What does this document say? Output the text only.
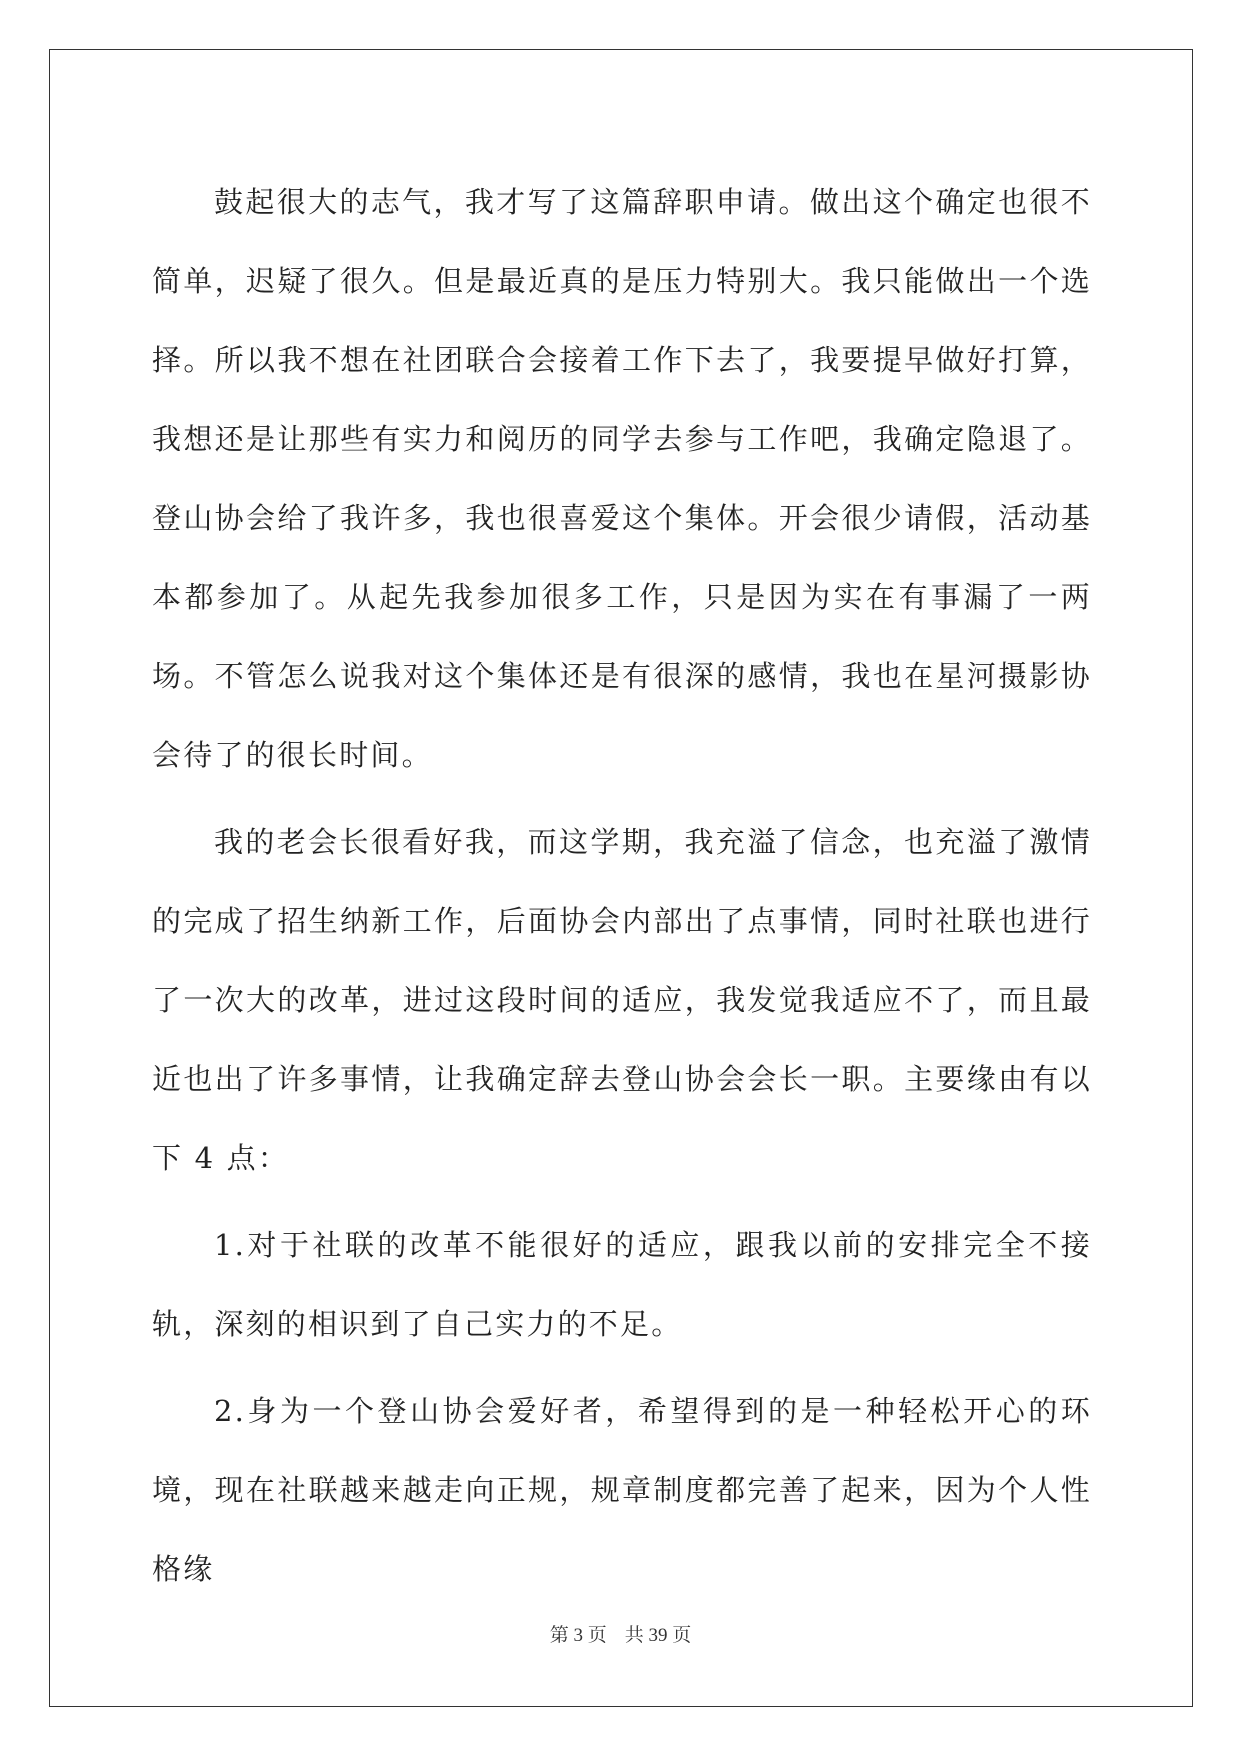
鼓起很大的志气，我才写了这篇辞职申请。做出这个确定也很不简单，迟疑了很久。但是最近真的是压力特别大。我只能做出一个选择。所以我不想在社团联合会接着工作下去了，我要提早做好打算，我想还是让那些有实力和阅历的同学去参与工作吧，我确定隐退了。登山协会给了我许多，我也很喜爱这个集体。开会很少请假，活动基本都参加了。从起先我参加很多工作，只是因为实在有事漏了一两场。不管怎么说我对这个集体还是有很深的感情，我也在星河摄影协会待了的很长时间。

我的老会长很看好我，而这学期，我充溢了信念，也充溢了激情的完成了招生纳新工作，后面协会内部出了点事情，同时社联也进行了一次大的改革，进过这段时间的适应，我发觉我适应不了，而且最近也出了许多事情，让我确定辞去登山协会会长一职。主要缘由有以下 4 点：

1.对于社联的改革不能很好的适应，跟我以前的安排完全不接轨，深刻的相识到了自己实力的不足。

2.身为一个登山协会爱好者，希望得到的是一种轻松开心的环境，现在社联越来越走向正规，规章制度都完善了起来，因为个人性格缘

第 3 页 共 39 页
